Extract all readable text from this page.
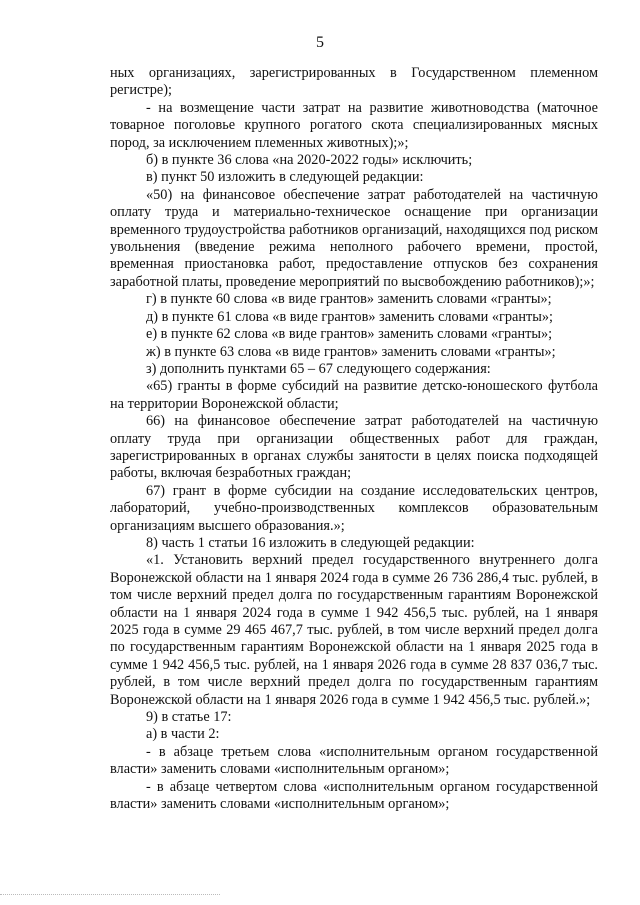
5

ных организациях, зарегистрированных в Государственном племенном регистре);

- на возмещение части затрат на развитие животноводства (маточное товарное поголовье крупного рогатого скота специализированных мясных пород, за исключением племенных животных);»;

б) в пункте 36 слова «на 2020-2022 годы» исключить;

в) пункт 50 изложить в следующей редакции:

«50) на финансовое обеспечение затрат работодателей на частичную оплату труда и материально-техническое оснащение при организации временного трудоустройства работников организаций, находящихся под риском увольнения (введение режима неполного рабочего времени, простой, временная приостановка работ, предоставление отпусков без сохранения заработной платы, проведение мероприятий по высвобождению работников);»;

г) в пункте 60 слова «в виде грантов» заменить словами «гранты»;

д) в пункте 61 слова «в виде грантов» заменить словами «гранты»;

е) в пункте 62 слова «в виде грантов» заменить словами «гранты»;

ж) в пункте 63 слова «в виде грантов» заменить словами «гранты»;

з) дополнить пунктами 65 – 67 следующего содержания:

«65) гранты в форме субсидий на развитие детско-юношеского футбола на территории Воронежской области;

66) на финансовое обеспечение затрат работодателей на частичную оплату труда при организации общественных работ для граждан, зарегистрированных в органах службы занятости в целях поиска подходящей работы, включая безработных граждан;

67) грант в форме субсидии на создание исследовательских центров, лабораторий, учебно-производственных комплексов образовательным организациям высшего образования.»;

8) часть 1 статьи 16 изложить в следующей редакции:

«1. Установить верхний предел государственного внутреннего долга Воронежской области на 1 января 2024 года в сумме 26 736 286,4 тыс. рублей, в том числе верхний предел долга по государственным гарантиям Воронежской области на 1 января 2024 года в сумме 1 942 456,5 тыс. рублей, на 1 января 2025 года в сумме 29 465 467,7 тыс. рублей, в том числе верхний предел долга по государственным гарантиям Воронежской области на 1 января 2025 года в сумме 1 942 456,5 тыс. рублей, на 1 января 2026 года в сумме 28 837 036,7 тыс. рублей, в том числе верхний предел долга по государственным гарантиям Воронежской области на 1 января 2026 года в сумме 1 942 456,5 тыс. рублей.»;

9) в статье 17:

а) в части 2:

- в абзаце третьем слова «исполнительным органом государственной власти» заменить словами «исполнительным органом»;

- в абзаце четвертом слова «исполнительным органом государственной власти» заменить словами «исполнительным органом»;
